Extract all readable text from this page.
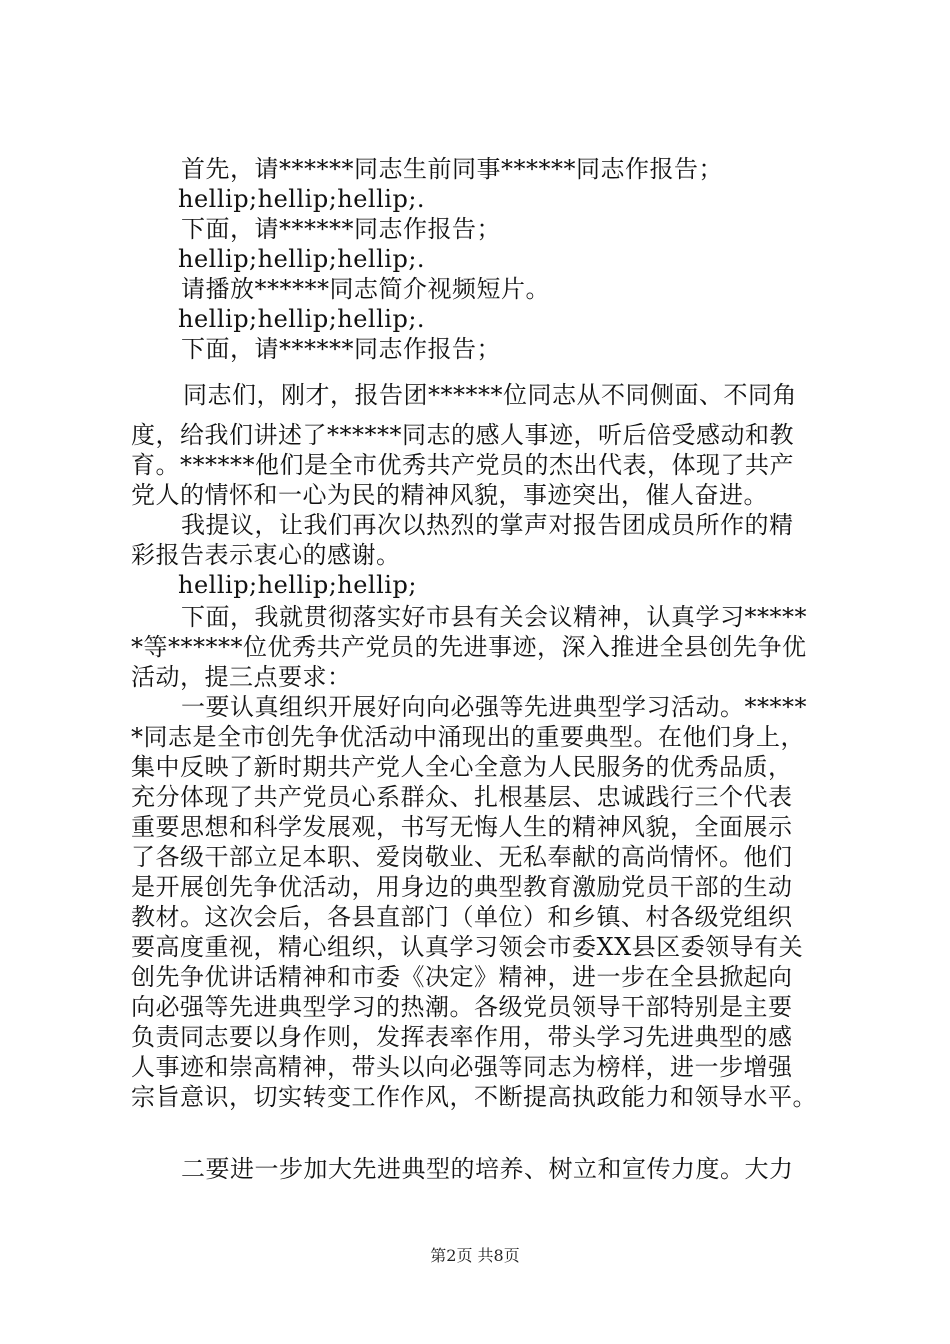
首先，请******同志生前同事******同志作报告；
hellip;hellip;hellip;.
下面，请******同志作报告；
hellip;hellip;hellip;.
请播放******同志简介视频短片。
hellip;hellip;hellip;.
下面，请******同志作报告；
同志们，刚才，报告团******位同志从不同侧面、不同角
度，给我们讲述了******同志的感人事迹，听后倍受感动和教
育。******他们是全市优秀共产党员的杰出代表，体现了共产
党人的情怀和一心为民的精神风貌，事迹突出，催人奋进。
我提议，让我们再次以热烈的掌声对报告团成员所作的精
彩报告表示衷心的感谢。
hellip;hellip;hellip;
下面，我就贯彻落实好市县有关会议精神，认真学习*****
*等******位优秀共产党员的先进事迹，深入推进全县创先争优
活动，提三点要求：
一要认真组织开展好向向必强等先进典型学习活动。*****
*同志是全市创先争优活动中涌现出的重要典型。在他们身上，
集中反映了新时期共产党人全心全意为人民服务的优秀品质，
充分体现了共产党员心系群众、扎根基层、忠诚践行三个代表
重要思想和科学发展观，书写无悔人生的精神风貌，全面展示
了各级干部立足本职、爱岗敬业、无私奉献的高尚情怀。他们
是开展创先争优活动，用身边的典型教育激励党员干部的生动
教材。这次会后，各县直部门（单位）和乡镇、村各级党组织
要高度重视，精心组织，认真学习领会市委XX县区委领导有关
创先争优讲话精神和市委《决定》精神，进一步在全县掀起向
向必强等先进典型学习的热潮。各级党员领导干部特别是主要
负责同志要以身作则，发挥表率作用，带头学习先进典型的感
人事迹和崇高精神，带头以向必强等同志为榜样，进一步增强
宗旨意识，切实转变工作作风，不断提高执政能力和领导水平。
二要进一步加大先进典型的培养、树立和宣传力度。大力
第2页 共8页
